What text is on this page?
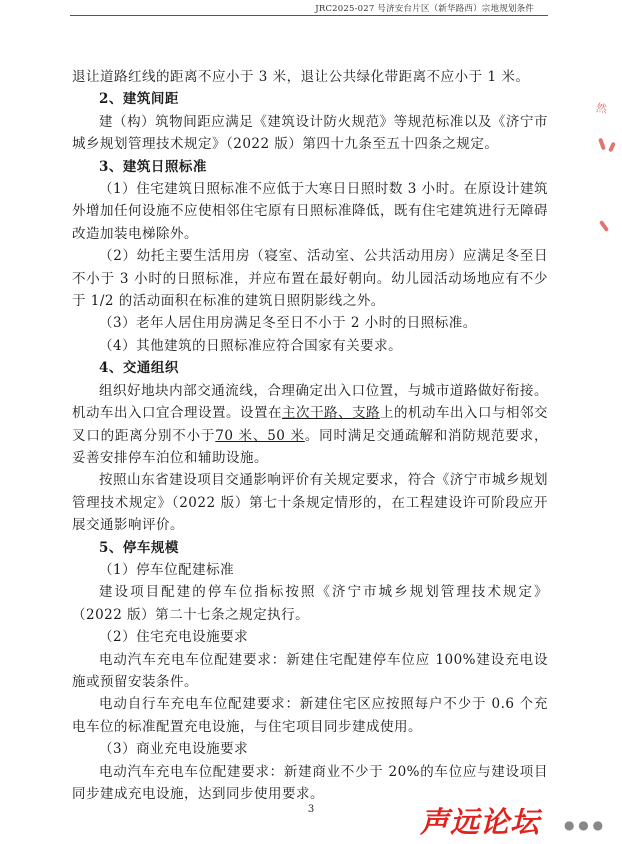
JRC2025-027 号济安台片区（新华路西）宗地规划条件

退让道路红线的距离不应小于 3 米，退让公共绿化带距离不应小于 1 米。

2、建筑间距

建（构）筑物间距应满足《建筑设计防火规范》等规范标准以及《济宁市城乡规划管理技术规定》（2022 版）第四十九条至五十四条之规定。

3、建筑日照标准

（1）住宅建筑日照标准不应低于大寒日日照时数 3 小时。在原设计建筑外增加任何设施不应使相邻住宅原有日照标准降低，既有住宅建筑进行无障碍改造加装电梯除外。

（2）幼托主要生活用房（寝室、活动室、公共活动用房）应满足冬至日不小于 3 小时的日照标准，并应布置在最好朝向。幼儿园活动场地应有不少于 1/2 的活动面积在标准的建筑日照阴影线之外。

（3）老年人居住用房满足冬至日不小于 2 小时的日照标准。

（4）其他建筑的日照标准应符合国家有关要求。

4、交通组织

组织好地块内部交通流线，合理确定出入口位置，与城市道路做好衔接。机动车出入口宜合理设置。设置在主次干路、支路上的机动车出入口与相邻交叉口的距离分别不小于70 米、50 米。同时满足交通疏解和消防规范要求，妥善安排停车泊位和辅助设施。

按照山东省建设项目交通影响评价有关规定要求，符合《济宁市城乡规划管理技术规定》（2022 版）第七十条规定情形的，在工程建设许可阶段应开展交通影响评价。

5、停车规模

（1）停车位配建标准

建设项目配建的停车位指标按照《济宁市城乡规划管理技术规定》（2022 版）第二十七条之规定执行。

（2）住宅充电设施要求

电动汽车充电车位配建要求：新建住宅配建停车位应 100%建设充电设施或预留安装条件。

电动自行车充电车位配建要求：新建住宅区应按照每户不少于 0.6 个充电车位的标准配置充电设施，与住宅项目同步建成使用。

（3）商业充电设施要求

电动汽车充电车位配建要求：新建商业不少于 20%的车位应与建设项目同步建成充电设施，达到同步使用要求。

3
然
声远论坛 ● ● ●
